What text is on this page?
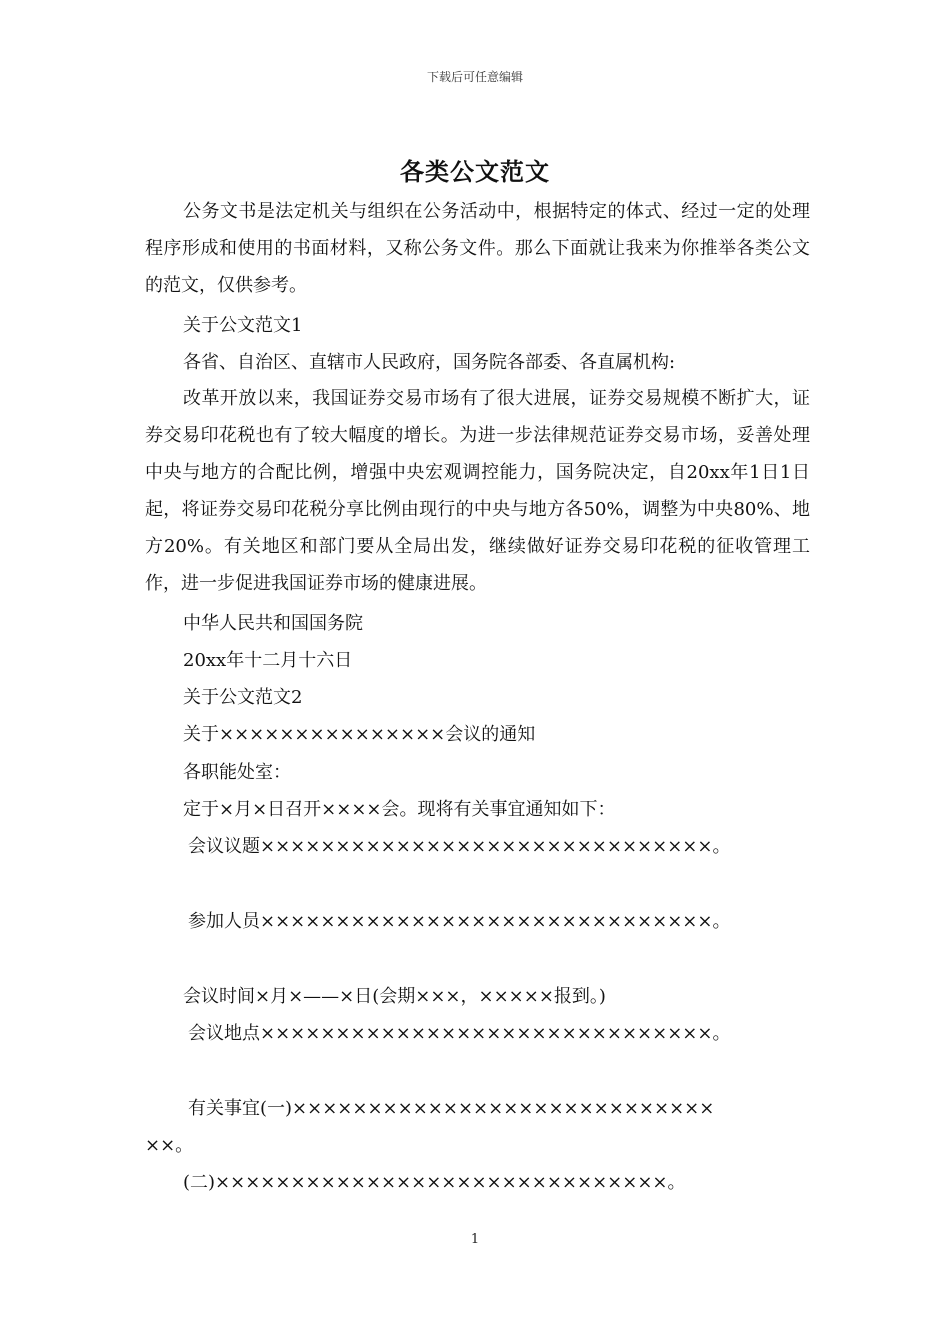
下载后可任意编辑
各类公文范文

公务文书是法定机关与组织在公务活动中，根据特定的体式、经过一定的处理程序形成和使用的书面材料，又称公务文件。那么下面就让我来为你推举各类公文的范文，仅供参考。

关于公文范文1
各省、自治区、直辖市人民政府，国务院各部委、各直属机构:

改革开放以来，我国证券交易市场有了很大进展，证券交易规模不断扩大，证券交易印花税也有了较大幅度的增长。为进一步法律规范证券交易市场，妥善处理中央与地方的合配比例，增强中央宏观调控能力，国务院决定，自20xx年1日1日起，将证券交易印花税分享比例由现行的中央与地方各50%，调整为中央80%、地方20%。有关地区和部门要从全局出发，继续做好证券交易印花税的征收管理工作，进一步促进我国证券市场的健康进展。

中华人民共和国国务院
20xx年十二月十六日
关于公文范文2
关于×××××××××××××××会议的通知
各职能处室：
定于×月×日召开××××会。现将有关事宜通知如下：
会议议题××××××××××××××××××××××××××××××。
参加人员××××××××××××××××××××××××××××××。
会议时间×月×——×日(会期×××，×××××报到。)
会议地点××××××××××××××××××××××××××××××。
有关事宜(一)××××××××××××××××××××××××××××
××。
(二)××××××××××××××××××××××××××××××。
1
